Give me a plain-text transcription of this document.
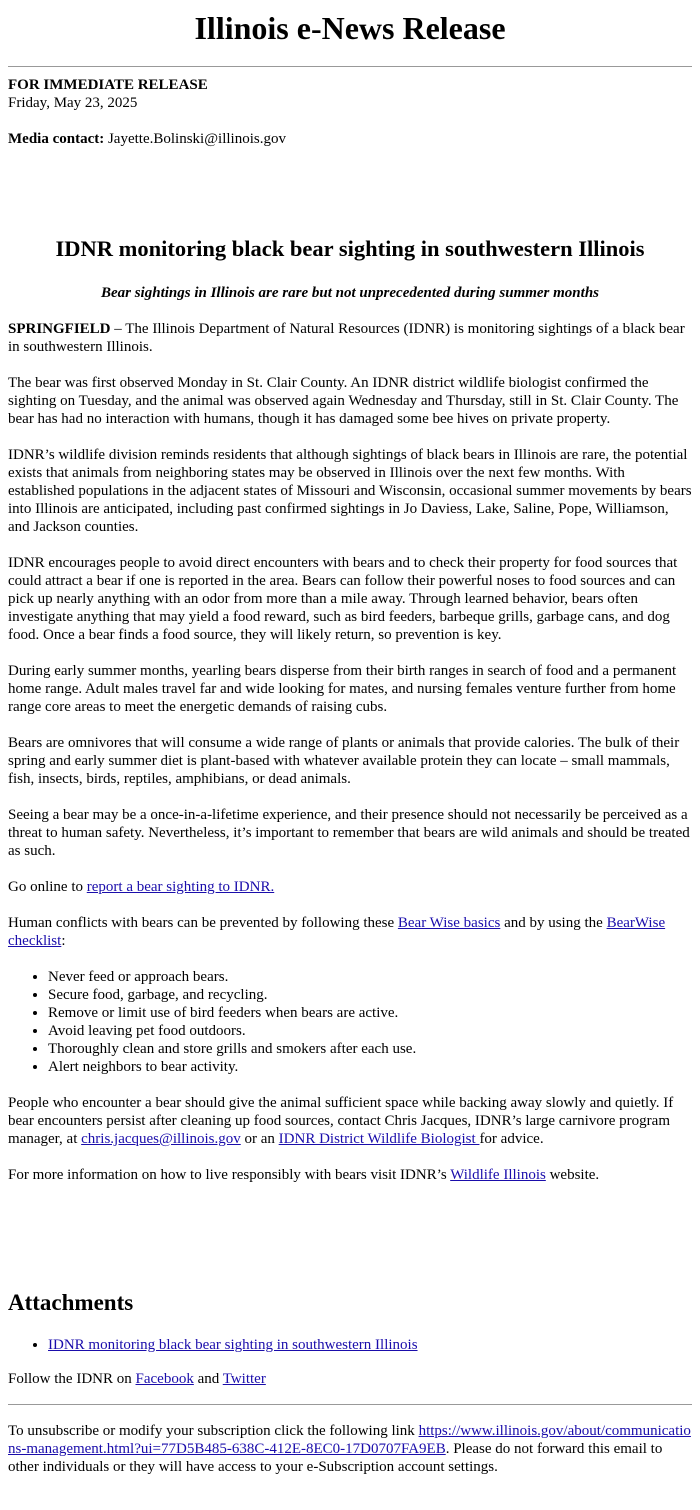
Illinois e-News Release
FOR IMMEDIATE RELEASE
Friday, May 23, 2025
Media contact: Jayette.Bolinski@illinois.gov
IDNR monitoring black bear sighting in southwestern Illinois
Bear sightings in Illinois are rare but not unprecedented during summer months

SPRINGFIELD – The Illinois Department of Natural Resources (IDNR) is monitoring sightings of a black bear in southwestern Illinois.

The bear was first observed Monday in St. Clair County. An IDNR district wildlife biologist confirmed the sighting on Tuesday, and the animal was observed again Wednesday and Thursday, still in St. Clair County. The bear has had no interaction with humans, though it has damaged some bee hives on private property.

IDNR’s wildlife division reminds residents that although sightings of black bears in Illinois are rare, the potential exists that animals from neighboring states may be observed in Illinois over the next few months. With established populations in the adjacent states of Missouri and Wisconsin, occasional summer movements by bears into Illinois are anticipated, including past confirmed sightings in Jo Daviess, Lake, Saline, Pope, Williamson, and Jackson counties.

IDNR encourages people to avoid direct encounters with bears and to check their property for food sources that could attract a bear if one is reported in the area. Bears can follow their powerful noses to food sources and can pick up nearly anything with an odor from more than a mile away. Through learned behavior, bears often investigate anything that may yield a food reward, such as bird feeders, barbeque grills, garbage cans, and dog food. Once a bear finds a food source, they will likely return, so prevention is key.

During early summer months, yearling bears disperse from their birth ranges in search of food and a permanent home range. Adult males travel far and wide looking for mates, and nursing females venture further from home range core areas to meet the energetic demands of raising cubs.

Bears are omnivores that will consume a wide range of plants or animals that provide calories. The bulk of their spring and early summer diet is plant-based with whatever available protein they can locate – small mammals, fish, insects, birds, reptiles, amphibians, or dead animals.

Seeing a bear may be a once-in-a-lifetime experience, and their presence should not necessarily be perceived as a threat to human safety. Nevertheless, it’s important to remember that bears are wild animals and should be treated as such.

Go online to report a bear sighting to IDNR.

Human conflicts with bears can be prevented by following these Bear Wise basics and by using the BearWise checklist:

• Never feed or approach bears.
• Secure food, garbage, and recycling.
• Remove or limit use of bird feeders when bears are active.
• Avoid leaving pet food outdoors.
• Thoroughly clean and store grills and smokers after each use.
• Alert neighbors to bear activity.

People who encounter a bear should give the animal sufficient space while backing away slowly and quietly. If bear encounters persist after cleaning up food sources, contact Chris Jacques, IDNR’s large carnivore program manager, at chris.jacques@illinois.gov or an IDNR District Wildlife Biologist for advice.

For more information on how to live responsibly with bears visit IDNR’s Wildlife Illinois website.

Attachments
• IDNR monitoring black bear sighting in southwestern Illinois

Follow the IDNR on Facebook and Twitter

To unsubscribe or modify your subscription click the following link https://www.illinois.gov/about/communications-management.html?ui=77D5B485-638C-412E-8EC0-17D0707FA9EB. Please do not forward this email to other individuals or they will have access to your e-Subscription account settings.
